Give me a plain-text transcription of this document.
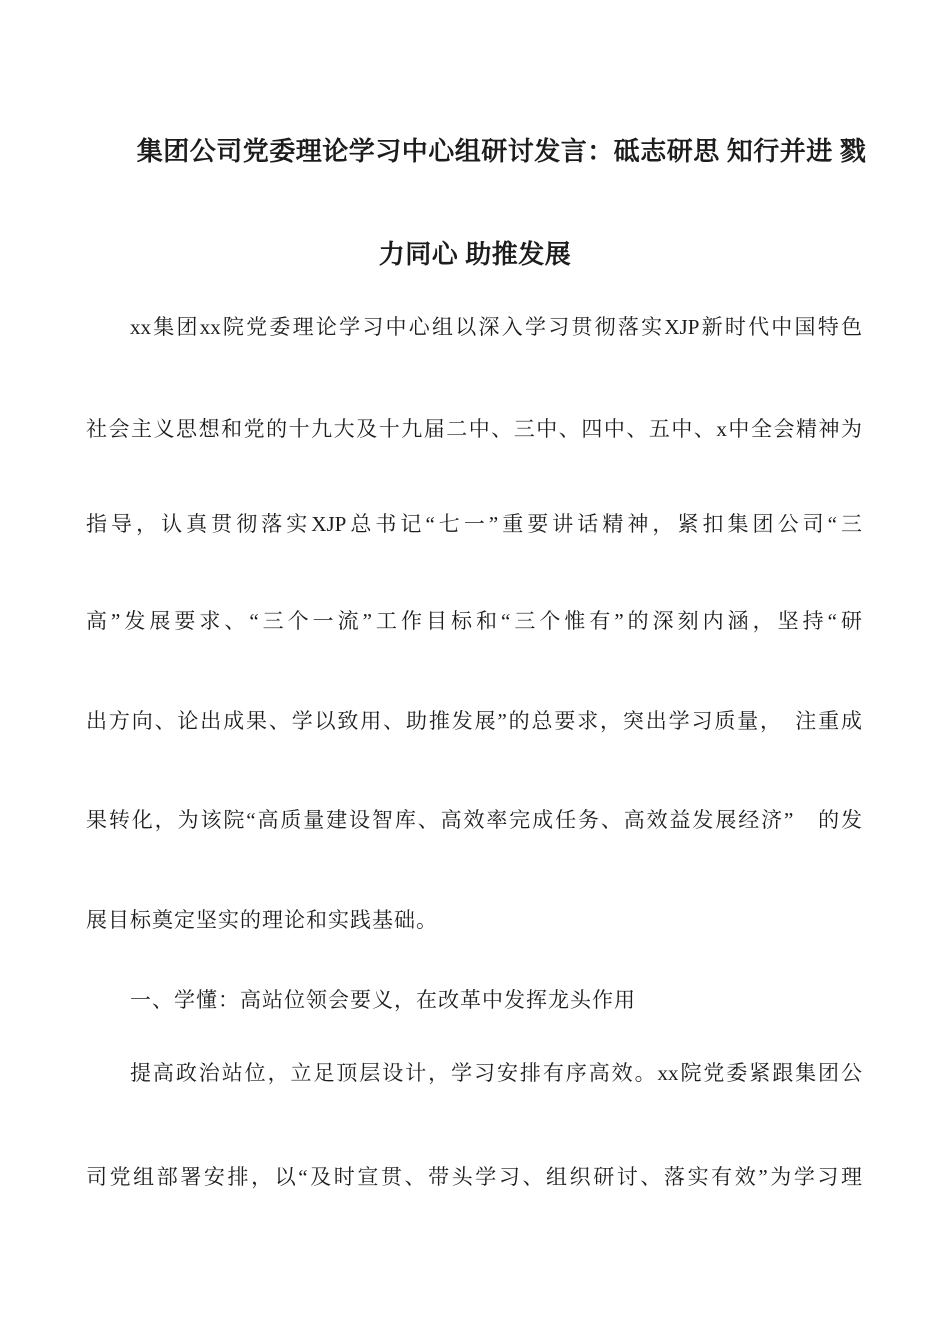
集团公司党委理论学习中心组研讨发言：砥志研思 知行并进 戮
力同心 助推发展
xx集团xx院党委理论学习中心组以深入学习贯彻落实XJP新时代中国特色
社会主义思想和党的十九大及十九届二中、三中、四中、五中、x中全会精神为
指导，认真贯彻落实XJP总书记“七一”重要讲话精神，紧扣集团公司“三
高”发展要求、“三个一流”工作目标和“三个惟有”的深刻内涵，坚持“研
出方向、论出成果、学以致用、助推发展”的总要求，突出学习质量，　注重成
果转化，为该院“高质量建设智库、高效率完成任务、高效益发展经济”　的发
展目标奠定坚实的理论和实践基础。
一、学懂：高站位领会要义，在改革中发挥龙头作用
提高政治站位，立足顶层设计，学习安排有序高效。xx院党委紧跟集团公
司党组部署安排，以“及时宣贯、带头学习、组织研讨、落实有效”为学习理
